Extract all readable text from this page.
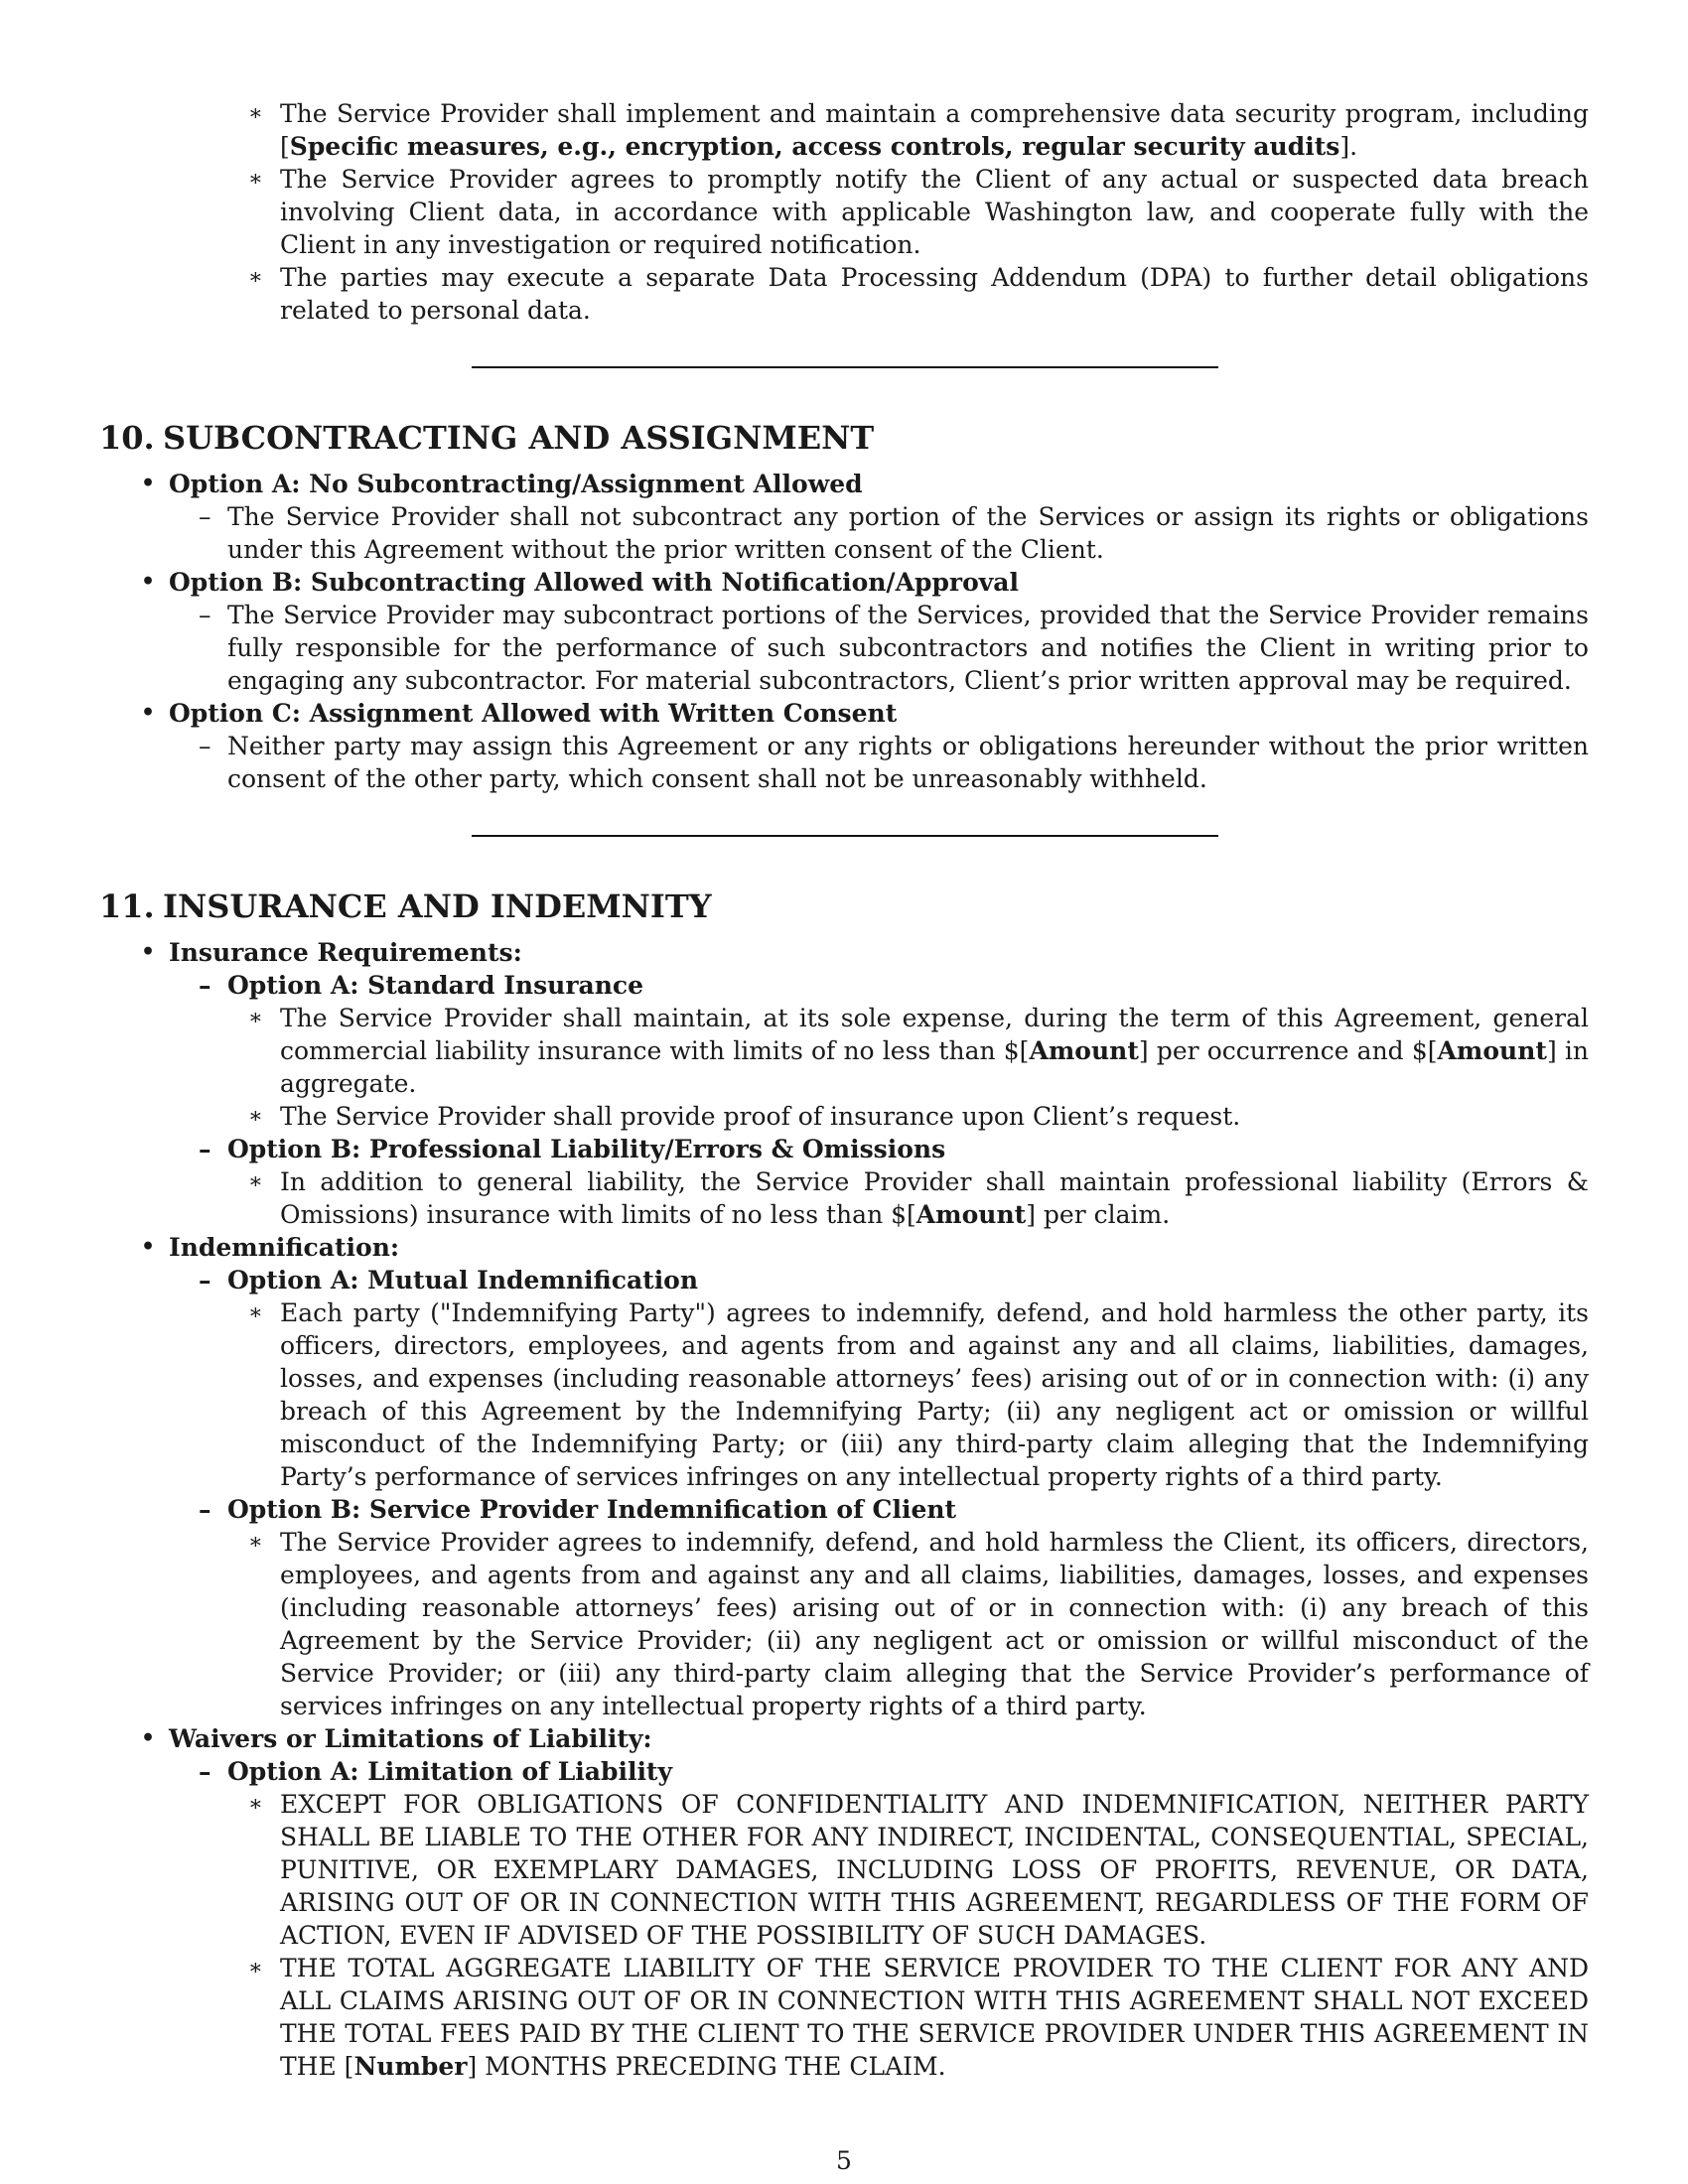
∗ The Service Provider shall implement and maintain a comprehensive data security program, including [Specific measures, e.g., encryption, access controls, regular security audits].

∗ The Service Provider agrees to promptly notify the Client of any actual or suspected data breach involving Client data, in accordance with applicable Washington law, and cooperate fully with the Client in any investigation or required notification.

∗ The parties may execute a separate Data Processing Addendum (DPA) to further detail obligations related to personal data.

10. SUBCONTRACTING AND ASSIGNMENT

• Option A: No Subcontracting/Assignment Allowed

– The Service Provider shall not subcontract any portion of the Services or assign its rights or obligations under this Agreement without the prior written consent of the Client.

• Option B: Subcontracting Allowed with Notification/Approval

– The Service Provider may subcontract portions of the Services, provided that the Service Provider remains fully responsible for the performance of such subcontractors and notifies the Client in writing prior to engaging any subcontractor. For material subcontractors, Client’s prior written approval may be required.

• Option C: Assignment Allowed with Written Consent

– Neither party may assign this Agreement or any rights or obligations hereunder without the prior written consent of the other party, which consent shall not be unreasonably withheld.

11. INSURANCE AND INDEMNITY

• Insurance Requirements:

– Option A: Standard Insurance

∗ The Service Provider shall maintain, at its sole expense, during the term of this Agreement, general commercial liability insurance with limits of no less than $[Amount] per occurrence and $[Amount] in aggregate.

∗ The Service Provider shall provide proof of insurance upon Client’s request.

– Option B: Professional Liability/Errors & Omissions

∗ In addition to general liability, the Service Provider shall maintain professional liability (Errors & Omissions) insurance with limits of no less than $[Amount] per claim.

• Indemnification:

– Option A: Mutual Indemnification

∗ Each party ("Indemnifying Party") agrees to indemnify, defend, and hold harmless the other party, its officers, directors, employees, and agents from and against any and all claims, liabilities, damages, losses, and expenses (including reasonable attorneys’ fees) arising out of or in connection with: (i) any breach of this Agreement by the Indemnifying Party; (ii) any negligent act or omission or willful misconduct of the Indemnifying Party; or (iii) any third-party claim alleging that the Indemnifying Party’s performance of services infringes on any intellectual property rights of a third party.

– Option B: Service Provider Indemnification of Client

∗ The Service Provider agrees to indemnify, defend, and hold harmless the Client, its officers, directors, employees, and agents from and against any and all claims, liabilities, damages, losses, and expenses (including reasonable attorneys’ fees) arising out of or in connection with: (i) any breach of this Agreement by the Service Provider; (ii) any negligent act or omission or willful misconduct of the Service Provider; or (iii) any third-party claim alleging that the Service Provider’s performance of services infringes on any intellectual property rights of a third party.

• Waivers or Limitations of Liability:

– Option A: Limitation of Liability

∗ EXCEPT FOR OBLIGATIONS OF CONFIDENTIALITY AND INDEMNIFICATION, NEITHER PARTY SHALL BE LIABLE TO THE OTHER FOR ANY INDIRECT, INCIDENTAL, CONSEQUENTIAL, SPECIAL, PUNITIVE, OR EXEMPLARY DAMAGES, INCLUDING LOSS OF PROFITS, REVENUE, OR DATA, ARISING OUT OF OR IN CONNECTION WITH THIS AGREEMENT, REGARDLESS OF THE FORM OF ACTION, EVEN IF ADVISED OF THE POSSIBILITY OF SUCH DAMAGES.

∗ THE TOTAL AGGREGATE LIABILITY OF THE SERVICE PROVIDER TO THE CLIENT FOR ANY AND ALL CLAIMS ARISING OUT OF OR IN CONNECTION WITH THIS AGREEMENT SHALL NOT EXCEED THE TOTAL FEES PAID BY THE CLIENT TO THE SERVICE PROVIDER UNDER THIS AGREEMENT IN THE [Number] MONTHS PRECEDING THE CLAIM.

5
